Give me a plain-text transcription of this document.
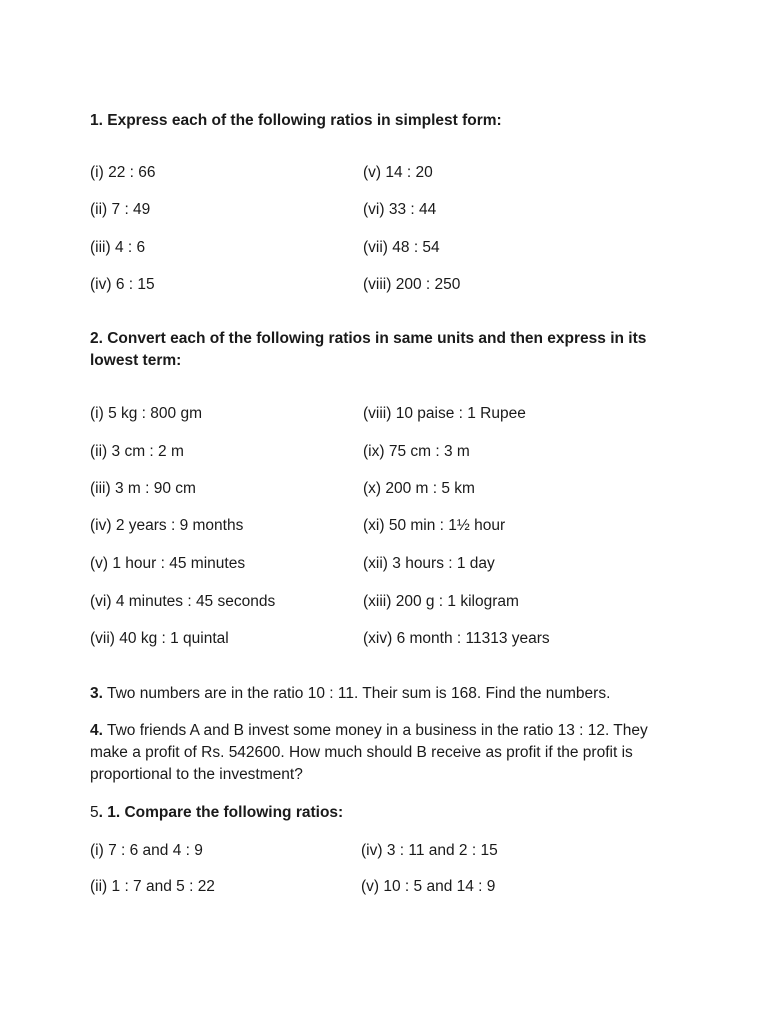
1. Express each of the following ratios in simplest form:
(i) 22 : 66
(ii) 7 : 49
(iii) 4 : 6
(iv) 6 : 15
(v) 14 : 20
(vi) 33 : 44
(vii) 48 : 54
(viii) 200 : 250
2. Convert each of the following ratios in same units and then express in its
lowest term:
(i) 5 kg : 800 gm
(ii) 3 cm : 2 m
(iii) 3 m : 90 cm
(iv) 2 years : 9 months
(v) 1 hour : 45 minutes
(vi) 4 minutes : 45 seconds
(vii) 40 kg : 1 quintal
(viii) 10 paise : 1 Rupee
(ix) 75 cm : 3 m
(x) 200 m : 5 km
(xi) 50 min : 1½ hour
(xii) 3 hours : 1 day
(xiii) 200 g : 1 kilogram
(xiv) 6 month : 11313 years
3. Two numbers are in the ratio 10 : 11. Their sum is 168. Find the numbers.
4. Two friends A and B invest some money in a business in the ratio 13 : 12. They make a profit of Rs. 542600. How much should B receive as profit if the profit is proportional to the investment?
5. 1. Compare the following ratios:
(i) 7 : 6 and 4 : 9
(ii) 1 : 7 and 5 : 22
(iv) 3 : 11 and 2 : 15
(v) 10 : 5 and 14 : 9
